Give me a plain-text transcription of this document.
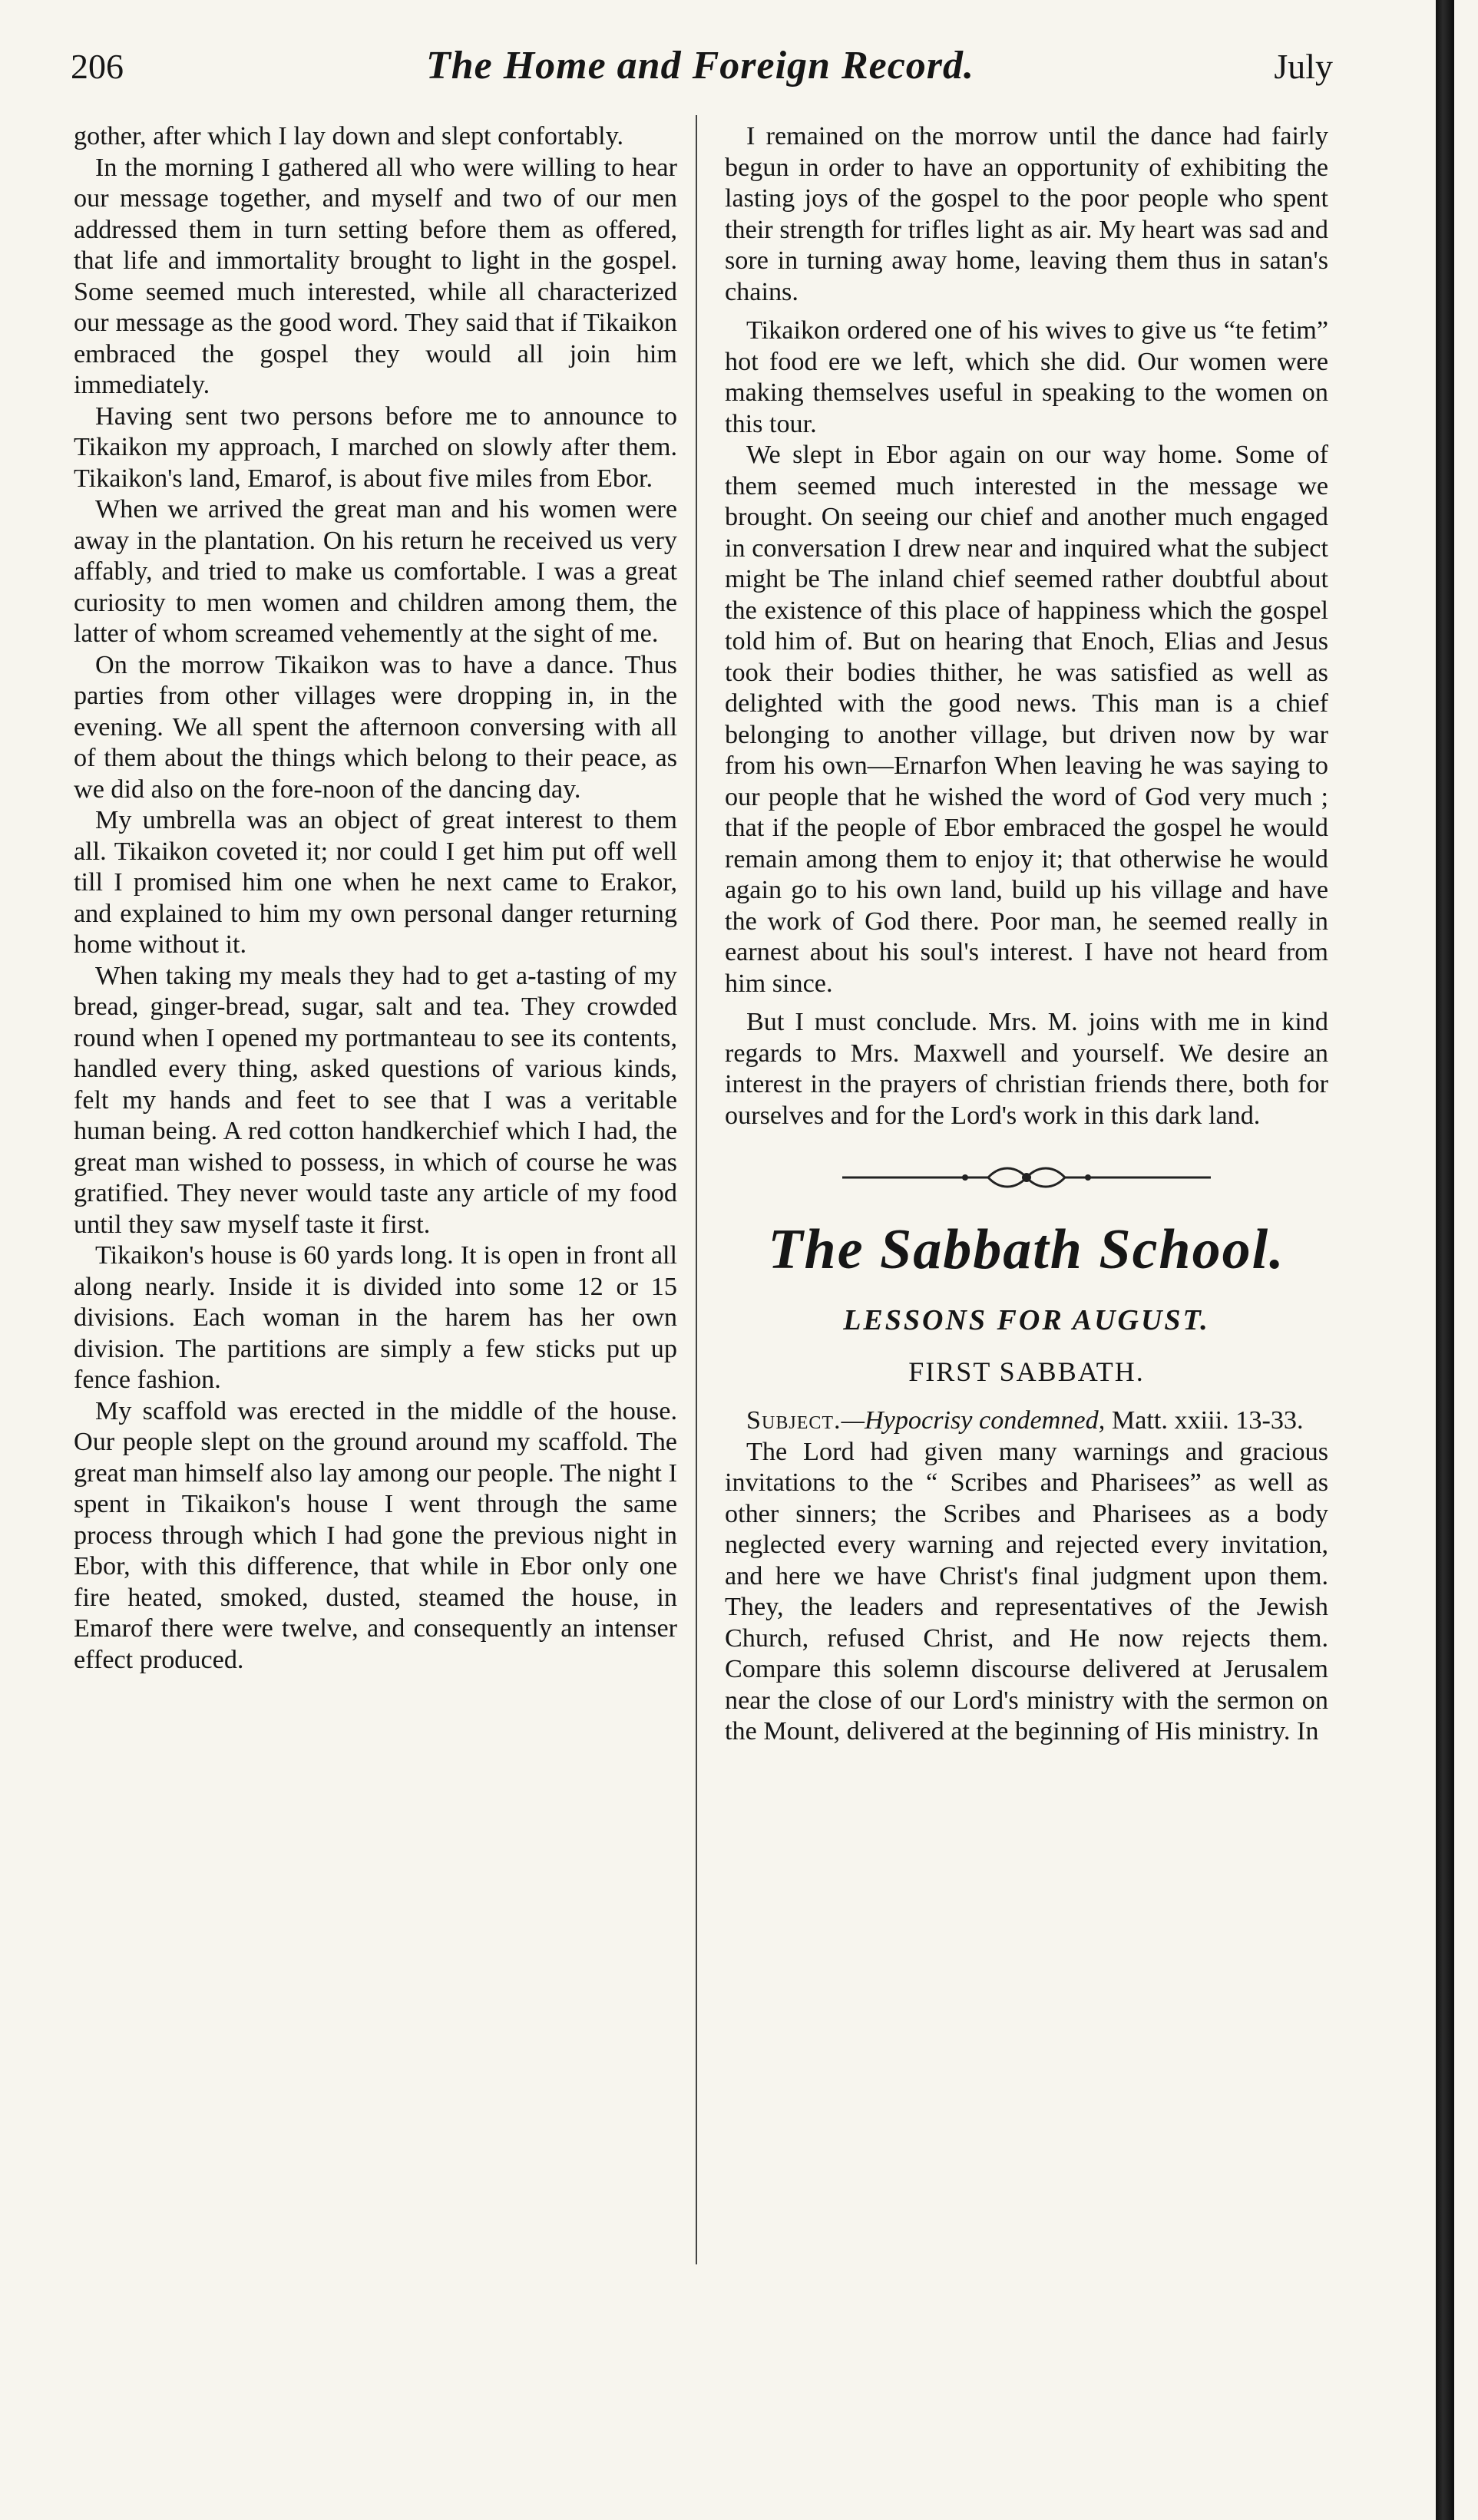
206	The Home and Foreign Record.	July

gother, after which I lay down and slept confortably.

In the morning I gathered all who were willing to hear our message together, and myself and two of our men addressed them in turn setting before them as offered, that life and immortality brought to light in the gospel. Some seemed much interested, while all characterized our message as the good word. They said that if Tikaikon embraced the gospel they would all join him immediately.

Having sent two persons before me to announce to Tikaikon my approach, I marched on slowly after them. Tikaikon's land, Emarof, is about five miles from Ebor.

When we arrived the great man and his women were away in the plantation. On his return he received us very affably, and tried to make us comfortable. I was a great curiosity to men women and children among them, the latter of whom screamed vehemently at the sight of me.

On the morrow Tikaikon was to have a dance. Thus parties from other villages were dropping in, in the evening. We all spent the afternoon conversing with all of them about the things which belong to their peace, as we did also on the fore-noon of the dancing day.

My umbrella was an object of great interest to them all. Tikaikon coveted it; nor could I get him put off well till I promised him one when he next came to Erakor, and explained to him my own personal danger returning home without it.

When taking my meals they had to get a-tasting of my bread, ginger-bread, sugar, salt and tea. They crowded round when I opened my portmanteau to see its contents, handled every thing, asked questions of various kinds, felt my hands and feet to see that I was a veritable human being. A red cotton handkerchief which I had, the great man wished to possess, in which of course he was gratified. They never would taste any article of my food until they saw myself taste it first.

Tikaikon's house is 60 yards long. It is open in front all along nearly. Inside it is divided into some 12 or 15 divisions. Each woman in the harem has her own division. The partitions are simply a few sticks put up fence fashion.

My scaffold was erected in the middle of the house. Our people slept on the ground around my scaffold. The great man himself also lay among our people. The night I spent in Tikaikon's house I went through the same process through which I had gone the previous night in Ebor, with this difference, that while in Ebor only one fire heated, smoked, dusted, steamed the house, in Emarof there were twelve, and consequently an intenser effect produced.

I remained on the morrow until the dance had fairly begun in order to have an opportunity of exhibiting the lasting joys of the gospel to the poor people who spent their strength for trifles light as air. My heart was sad and sore in turning away home, leaving them thus in satan's chains.

Tikaikon ordered one of his wives to give us “te fetim” hot food ere we left, which she did. Our women were making themselves useful in speaking to the women on this tour.

We slept in Ebor again on our way home. Some of them seemed much interested in the message we brought. On seeing our chief and another much engaged in conversation I drew near and inquired what the subject might be The inland chief seemed rather doubtful about the existence of this place of happiness which the gospel told him of. But on hearing that Enoch, Elias and Jesus took their bodies thither, he was satisfied as well as delighted with the good news. This man is a chief belonging to another village, but driven now by war from his own—Ernarfon When leaving he was saying to our people that he wished the word of God very much ; that if the people of Ebor embraced the gospel he would remain among them to enjoy it; that otherwise he would again go to his own land, build up his village and have the work of God there. Poor man, he seemed really in earnest about his soul's interest. I have not heard from him since.

But I must conclude. Mrs. M. joins with me in kind regards to Mrs. Maxwell and yourself. We desire an interest in the prayers of christian friends there, both for ourselves and for the Lord's work in this dark land.

The Sabbath School.
LESSONS FOR AUGUST.
FIRST SABBATH.

Subject.—Hypocrisy condemned, Matt. xxiii. 13-33.

The Lord had given many warnings and gracious invitations to the “ Scribes and Pharisees” as well as other sinners; the Scribes and Pharisees as a body neglected every warning and rejected every invitation, and here we have Christ's final judgment upon them. They, the leaders and representatives of the Jewish Church, refused Christ, and He now rejects them. Compare this solemn discourse delivered at Jerusalem near the close of our Lord's ministry with the sermon on the Mount, delivered at the beginning of His ministry. In
